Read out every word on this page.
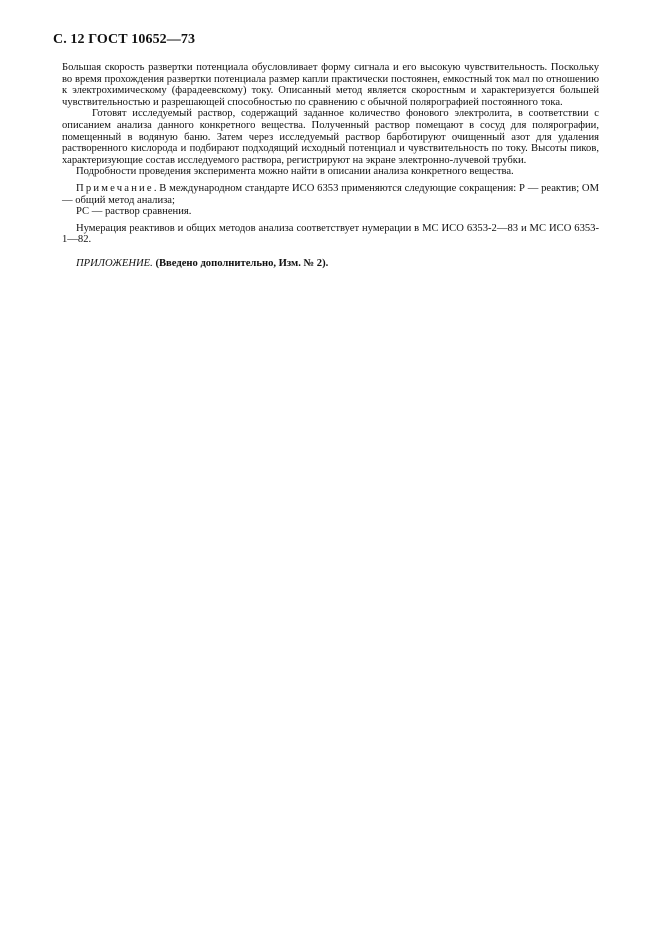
С. 12 ГОСТ 10652—73

Большая скорость развертки потенциала обусловливает форму сигнала и его высокую чувствительность. Поскольку во время прохождения развертки потенциала размер капли практически постоянен, емкостный ток мал по отношению к электрохимическому (фарадеевскому) току. Описанный метод является скоростным и характеризуется большей чувствительностью и разрешающей способностью по сравнению с обычной полярографией постоянного тока.

Готовят исследуемый раствор, содержащий заданное количество фонового электролита, в соответствии с описанием анализа данного конкретного вещества. Полученный раствор помещают в сосуд для полярографии, помещенный в водяную баню. Затем через исследуемый раствор барботируют очищенный азот для удаления растворенного кислорода и подбирают подходящий исходный потенциал и чувствительность по току. Высоты пиков, характеризующие состав исследуемого раствора, регистрируют на экране электронно-лучевой трубки.

Подробности проведения эксперимента можно найти в описании анализа конкретного вещества.

Примечание. В международном стандарте ИСО 6353 применяются следующие сокращения: Р — реактив; ОМ — общий метод анализа;

РС — раствор сравнения.

Нумерация реактивов и общих методов анализа соответствует нумерации в МС ИСО 6353-2—83 и МС ИСО 6353-1—82.

ПРИЛОЖЕНИЕ. (Введено дополнительно, Изм. № 2).
